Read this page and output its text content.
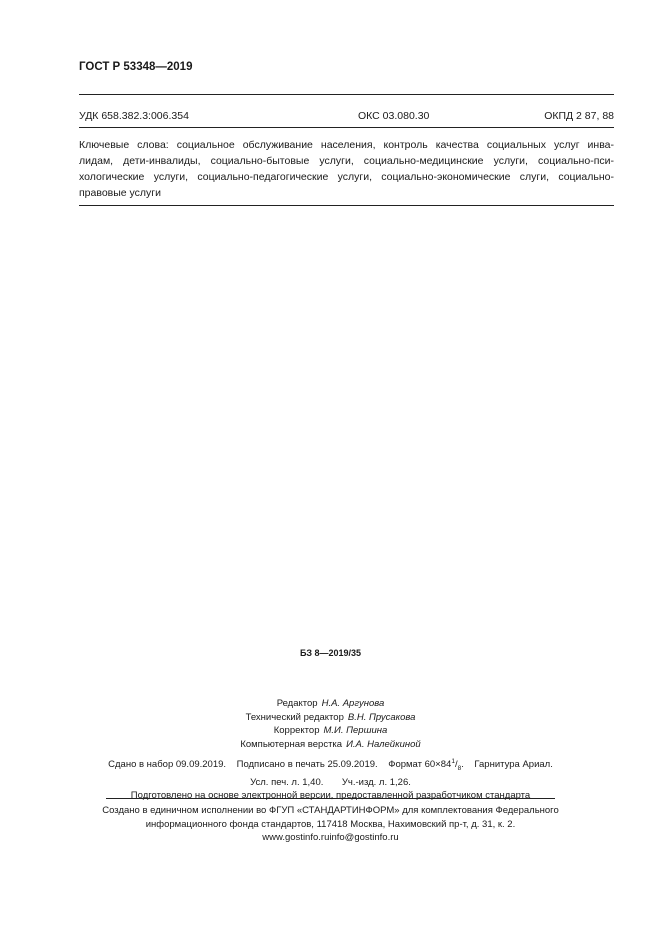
ГОСТ Р 53348—2019
УДК 658.382.3:006.354	ОКС 03.080.30	ОКПД 2 87, 88
Ключевые слова: социальное обслуживание населения, контроль качества социальных услуг инва-
лидам, дети-инвалиды, социально-бытовые услуги, социально-медицинские услуги, социально-пси-
хологические услуги, социально-педагогические услуги, социально-экономические слуги, социально-
правовые услуги
БЗ 8—2019/35
Редактор Н.А. Аргунова
Технический редактор В.Н. Прусакова
Корректор М.И. Першина
Компьютерная верстка И.А. Налейкиной
Сдано в набор 09.09.2019. Подписано в печать 25.09.2019. Формат $60\times 84^1/_8$. Гарнитура Ариал.
Усл. печ. л. 1,40. Уч.-изд. л. 1,26.
Подготовлено на основе электронной версии, предоставленной разработчиком стандарта
Создано в единичном исполнении во ФГУП «СТАНДАРТИНФОРМ» для комплектования Федерального
информационного фонда стандартов, 117418 Москва, Нахимовский пр-т, д. 31, к. 2.
www.gostinfo.ruinfo@gostinfo.ru
